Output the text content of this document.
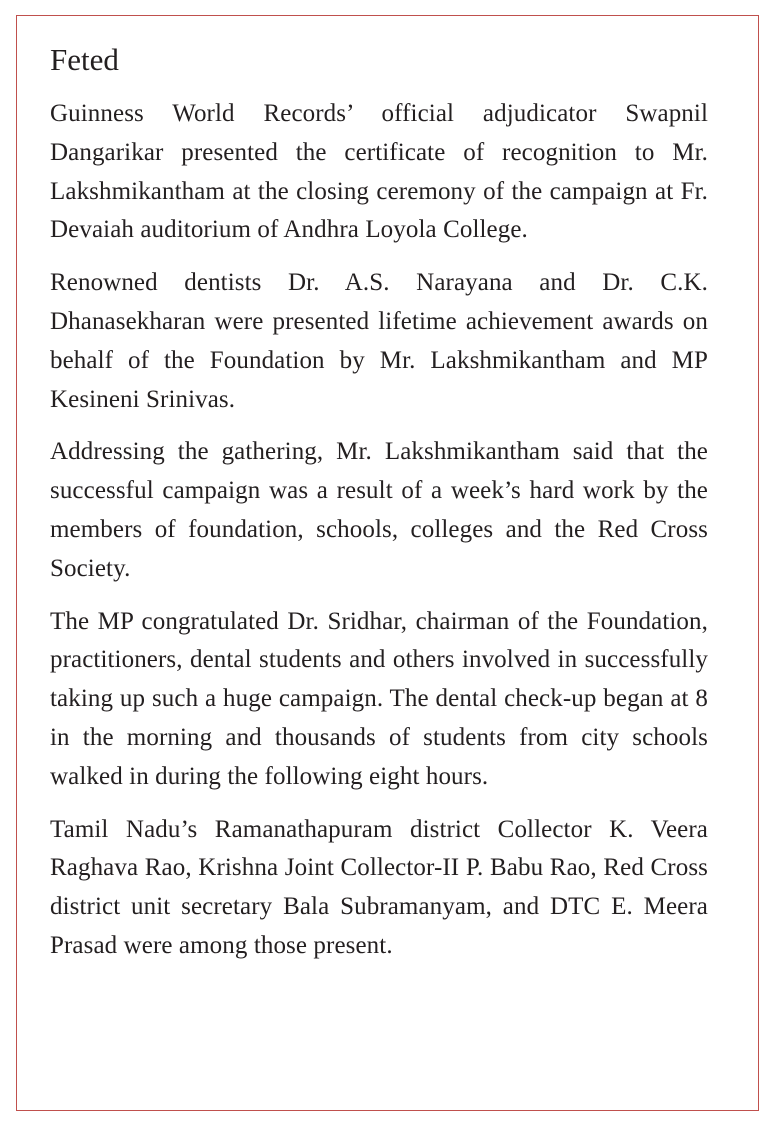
Feted

Guinness World Records’ official adjudicator Swapnil Dangarikar presented the certificate of recognition to Mr. Lakshmikantham at the closing ceremony of the campaign at Fr. Devaiah auditorium of Andhra Loyola College.

Renowned dentists Dr. A.S. Narayana and Dr. C.K. Dhanasekharan were presented lifetime achievement awards on behalf of the Foundation by Mr. Lakshmikantham and MP Kesineni Srinivas.

Addressing the gathering, Mr. Lakshmikantham said that the successful campaign was a result of a week’s hard work by the members of foundation, schools, colleges and the Red Cross Society.

The MP congratulated Dr. Sridhar, chairman of the Foundation, practitioners, dental students and others involved in successfully taking up such a huge campaign. The dental check-up began at 8 in the morning and thousands of students from city schools walked in during the following eight hours.

Tamil Nadu’s Ramanathapuram district Collector K. Veera Raghava Rao, Krishna Joint Collector-II P. Babu Rao, Red Cross district unit secretary Bala Subramanyam, and DTC E. Meera Prasad were among those present.
